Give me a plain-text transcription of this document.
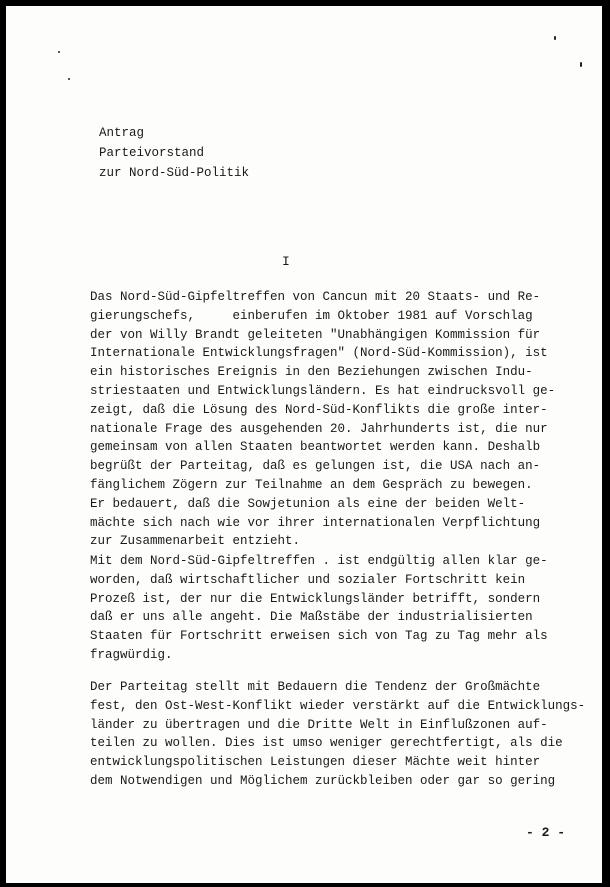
Antrag
Parteivorstand
zur Nord-Süd-Politik
I
Das Nord-Süd-Gipfeltreffen von Cancun mit 20 Staats- und Re-
gierungschefs,     einberufen im Oktober 1981 auf Vorschlag
der von Willy Brandt geleiteten "Unabhängigen Kommission für
Internationale Entwicklungsfragen" (Nord-Süd-Kommission), ist
ein historisches Ereignis in den Beziehungen zwischen Indu-
striestaaten und Entwicklungsländern. Es hat eindrucksvoll ge-
zeigt, daß die Lösung des Nord-Süd-Konflikts die große inter-
nationale Frage des ausgehenden 20. Jahrhunderts ist, die nur
gemeinsam von allen Staaten beantwortet werden kann. Deshalb
begrüßt der Parteitag, daß es gelungen ist, die USA nach an-
fänglichem Zögern zur Teilnahme an dem Gespräch zu bewegen.
Er bedauert, daß die Sowjetunion als eine der beiden Welt-
mächte sich nach wie vor ihrer internationalen Verpflichtung
zur Zusammenarbeit entzieht.
Mit dem Nord-Süd-Gipfeltreffen . ist endgültig allen klar ge-
worden, daß wirtschaftlicher und sozialer Fortschritt kein
Prozeß ist, der nur die Entwicklungsländer betrifft, sondern
daß er uns alle angeht. Die Maßstäbe der industrialisierten
Staaten für Fortschritt erweisen sich von Tag zu Tag mehr als
fragwürdig.
Der Parteitag stellt mit Bedauern die Tendenz der Großmächte
fest, den Ost-West-Konflikt wieder verstärkt auf die Entwicklungs-
länder zu übertragen und die Dritte Welt in Einflußzonen auf-
teilen zu wollen. Dies ist umso weniger gerechtfertigt, als die
entwicklungspolitischen Leistungen dieser Mächte weit hinter
dem Notwendigen und Möglichem zurückbleiben oder gar so gering
- 2 -
